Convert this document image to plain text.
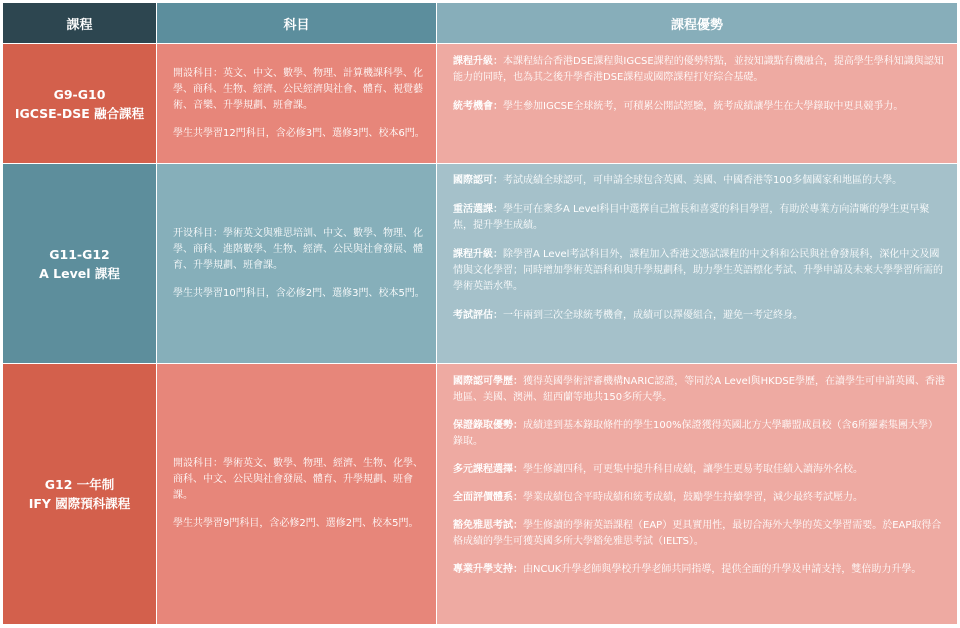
課程	科目	課程優勢
G9-G10
IGCSE-DSE 融合課程

開設科目：英文、中文、數學、物理、計算機課科學、化學、商科、生物、經濟、公民經濟與社會、體育、視覺藝術、音樂、升學規劃、班會課。

學生共學習12門科目，含必修3門、選修3門、校本6門。

課程升級：本課程結合香港DSE課程與IGCSE課程的優勢特點，並按知識點有機融合，提高學生學科知識與認知能力的同時，也為其之後升學香港DSE課程或國際課程打好綜合基礎。

統考機會：學生參加IGCSE全球統考，可積累公開試經驗，統考成績讓學生在大學錄取中更具競爭力。

G11-G12
A Level 課程

开设科目：學術英文與雅思培訓、中文、數學、物理、化學、商科、進階數學、生物、經濟、公民與社會發展、體育、升學規劃、班會課。

學生共學習10門科目，含必修2門、選修3門、校本5門。

國際認可：考試成績全球認可，可申請全球包含英國、美國、中國香港等100多個國家和地區的大學。

重活選課：學生可在衆多A Level科目中選擇自己擅長和喜愛的科目學習，有助於專業方向清晰的學生更早聚焦，提升學生成績。

課程升級：除學習A Level考試科目外，課程加入香港文憑試課程的中文科和公民與社會發展科，深化中文及國情與文化學習；同時增加學術英語科和與升學規劃科，助力學生英語標化考試、升學申請及未來大學學習所需的學術英語水準。

考試評估：一年兩到三次全球統考機會，成績可以擇優組合，避免一考定終身。

G12 一年制
IFY 國際預科課程

開設科目：學術英文、數學、物理、經濟、生物、化學、商科、中文、公民與社會發展、體育、升學規劃、班會課。

學生共學習9門科目，含必修2門、選修2門、校本5門。

國際認可學歷：獲得英國學術評審機構NARIC認證，等同於A Level與HKDSE學歷，在讀學生可申請英國、香港地區、美國、澳洲、紐西蘭等地共150多所大學。

保證錄取優勢：成績達到基本錄取條件的學生100%保證獲得英國北方大學聯盟成員校（含6所羅素集團大學）錄取。

多元課程選擇：學生修讀四科，可更集中提升科目成績，讓學生更易考取佳績入讀海外名校。

全面評價體系：學業成績包含平時成績和統考成績，鼓勵學生持續學習，減少最終考試壓力。

豁免雅思考試：學生修讀的學術英語課程（EAP）更具實用性，最切合海外大學的英文學習需要。於EAP取得合格成績的學生可獲英國多所大學豁免雅思考試（IELTS）。

專業升學支持：由NCUK升學老師與學校升學老師共同指導，提供全面的升學及申請支持，雙倍助力升學。
